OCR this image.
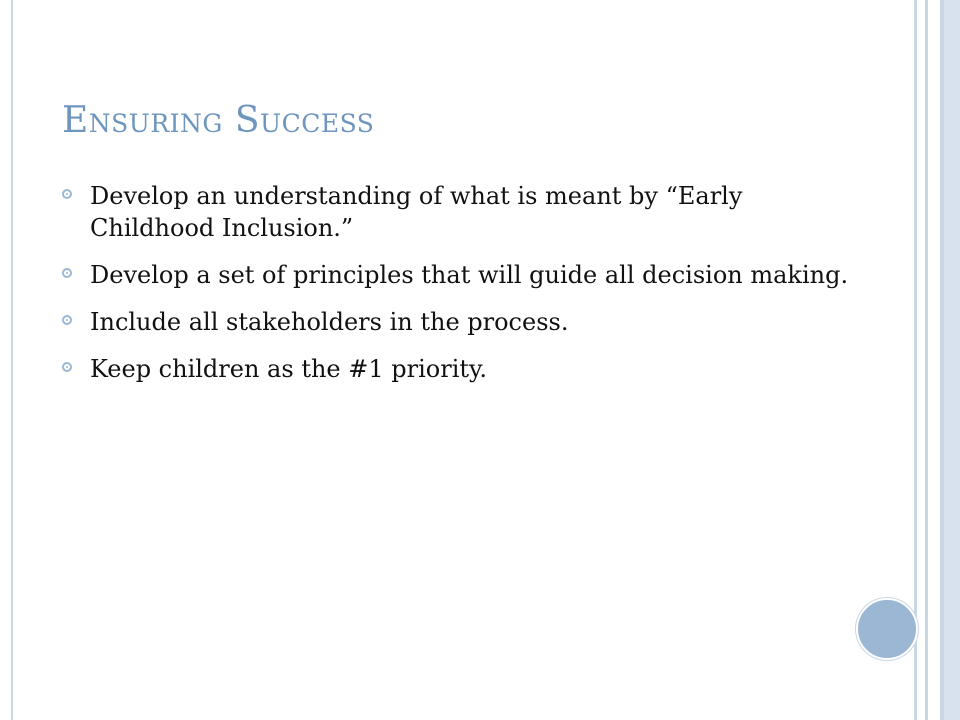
Ensuring Success
Develop an understanding of what is meant by “Early Childhood Inclusion.”
Develop a set of principles that will guide all decision making.
Include all stakeholders in the process.
Keep children as the #1 priority.
